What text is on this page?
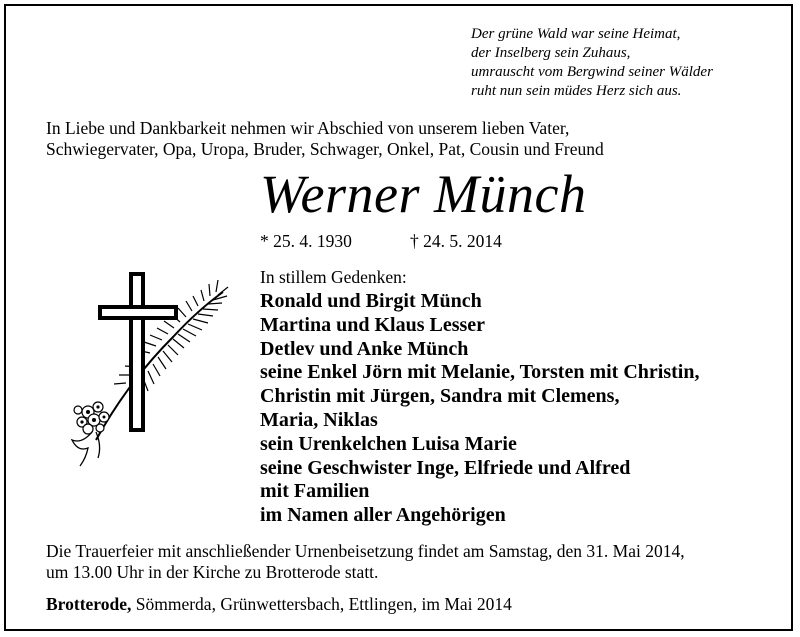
Der grüne Wald war seine Heimat,
der Inselberg sein Zuhaus,
umrauscht vom Bergwind seiner Wälder
ruht nun sein müdes Herz sich aus.
In Liebe und Dankbarkeit nehmen wir Abschied von unserem lieben Vater,
Schwiegervater, Opa, Uropa, Bruder, Schwager, Onkel, Pat, Cousin und Freund
Werner Münch
* 25. 4. 1930	† 24. 5. 2014
In stillem Gedenken:
Ronald und Birgit Münch
Martina und Klaus Lesser
Detlev und Anke Münch
seine Enkel Jörn mit Melanie, Torsten mit Christin,
Christin mit Jürgen, Sandra mit Clemens,
Maria, Niklas
sein Urenkelchen Luisa Marie
seine Geschwister Inge, Elfriede und Alfred
mit Familien
im Namen aller Angehörigen
Die Trauerfeier mit anschließender Urnenbeisetzung findet am Samstag, den 31. Mai 2014,
um 13.00 Uhr in der Kirche zu Brotterode statt.
Brotterode, Sömmerda, Grünwettersbach, Ettlingen, im Mai 2014
